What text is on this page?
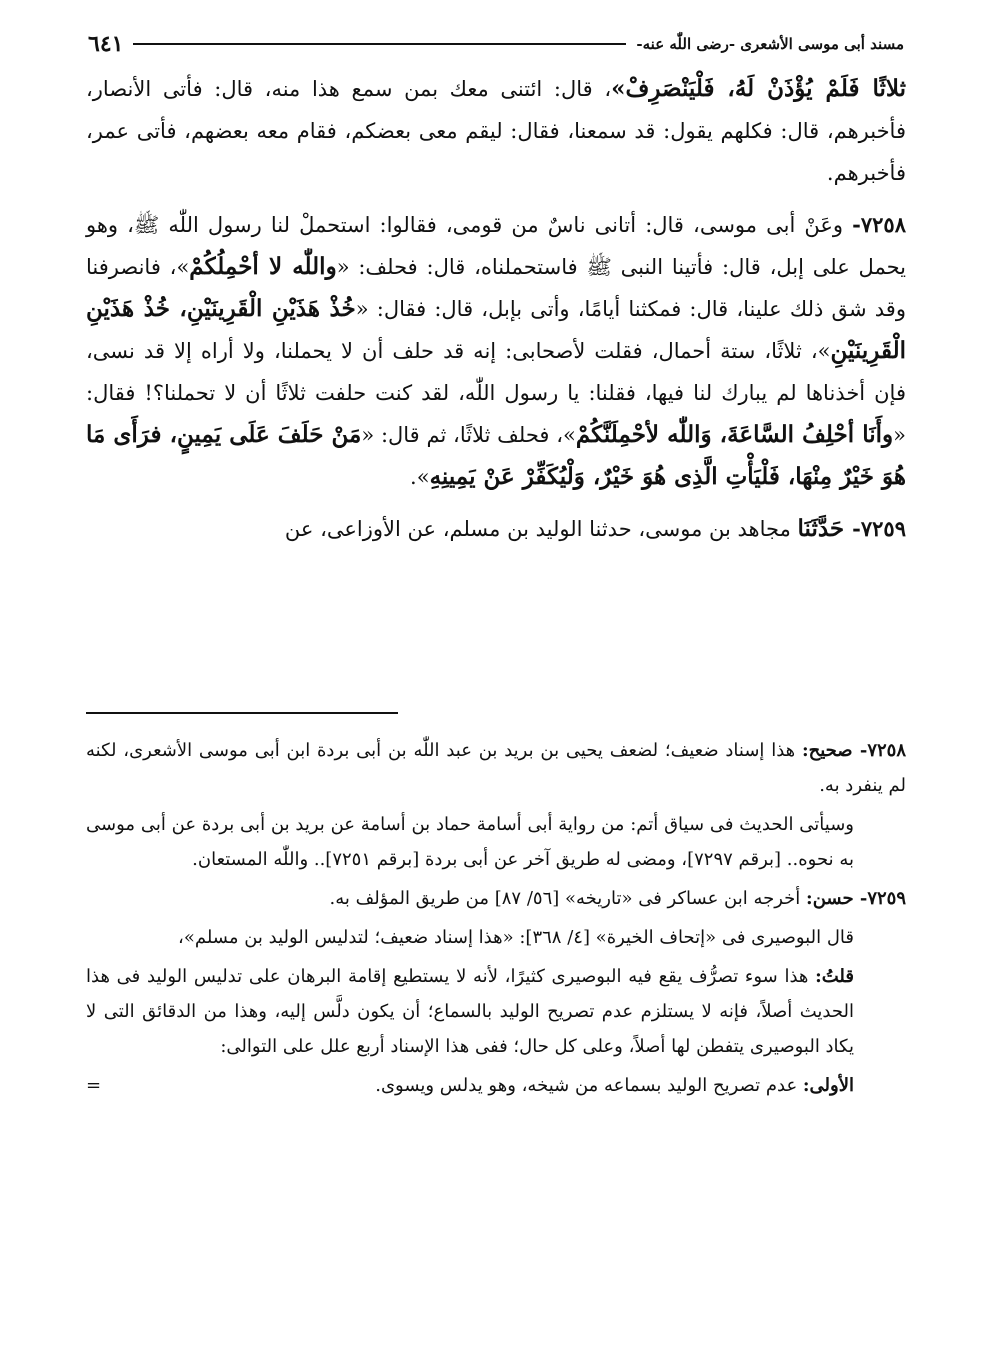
مسند أبى موسى الأشعرى -رضى اللّٰه عنه-
٦٤١

ثلاثًا فَلَمْ يُؤْذَنْ لَهُ، فَلْيَنْصَرِفْ»، قال: ائتنى معك بمن سمع هذا منه، قال: فأتى الأنصار، فأخبرهم، قال: فكلهم يقول: قد سمعنا، فقال: ليقم معى بعضكم، فقام معه بعضهم، فأتى عمر، فأخبرهم.

٧٢٥٨- وعَنْ أبى موسى، قال: أتانى ناسٌ من قومى، فقالوا: استحملْ لنا رسول اللّٰه ﷺ، وهو يحمل على إبل، قال: فأتينا النبى ﷺ فاستحملناه، قال: فحلف: «واللّٰه لا أحْمِلُكُمْ»، فانصرفنا وقد شق ذلك علينا، قال: فمكثنا أيامًا، وأتى بإبل، قال: فقال: «خُذْ هَذَيْنِ الْقَرِينَيْنِ، خُذْ هَذَيْنِ الْقَرِينَيْنِ»، ثلاثًا، ستة أحمال، فقلت لأصحابى: إنه قد حلف أن لا يحملنا، ولا أراه إلا قد نسى، فإن أخذناها لم يبارك لنا فيها، فقلنا: يا رسول اللّٰه، لقد كنت حلفت ثلاثًا أن لا تحملنا؟! فقال: «وأَنَا أحْلِفُ السَّاعَةَ، وَاللّٰه لأحْمِلَنَّكُمْ»، فحلف ثلاثًا، ثم قال: «مَنْ حَلَفَ عَلَى يَمِينٍ، فرَأَى مَا هُوَ خَيْرٌ مِنْهَا، فَلْيَأْتِ الَّذِى هُوَ خَيْرٌ، وَلْيُكَفِّرْ عَنْ يَمِينِهِ».

٧٢٥٩- حَدَّثَنَا مجاهد بن موسى، حدثنا الوليد بن مسلم، عن الأوزاعى، عن

٧٢٥٨- صحيح: هذا إسناد ضعيف؛ لضعف يحيى بن بريد بن عبد اللّٰه بن أبى بردة ابن أبى موسى الأشعرى، لكنه لم ينفرد به.

وسيأتى الحديث فى سياق أتم: من رواية أبى أسامة حماد بن أسامة عن بريد بن أبى بردة عن أبى موسى به نحوه.. [برقم ٧٢٩٧]، ومضى له طريق آخر عن أبى بردة [برقم ٧٢٥١].. واللّٰه المستعان.

٧٢٥٩- حسن: أخرجه ابن عساكر فى «تاريخه» [٥٦/ ٨٧] من طريق المؤلف به.

قال البوصيرى فى «إتحاف الخيرة» [٤/ ٣٦٨]: «هذا إسناد ضعيف؛ لتدليس الوليد بن مسلم»،

قلتُ: هذا سوء تصرُّف يقع فيه البوصيرى كثيرًا، لأنه لا يستطيع إقامة البرهان على تدليس الوليد فى هذا الحديث أصلاً، فإنه لا يستلزم عدم تصريح الوليد بالسماع؛ أن يكون دلَّس إليه، وهذا من الدقائق التى لا يكاد البوصيرى يتفطن لها أصلاً، وعلى كل حال؛ ففى هذا الإسناد أربع علل على التوالى:

الأولى: عدم تصريح الوليد بسماعه من شيخه، وهو يدلس ويسوى.
=
